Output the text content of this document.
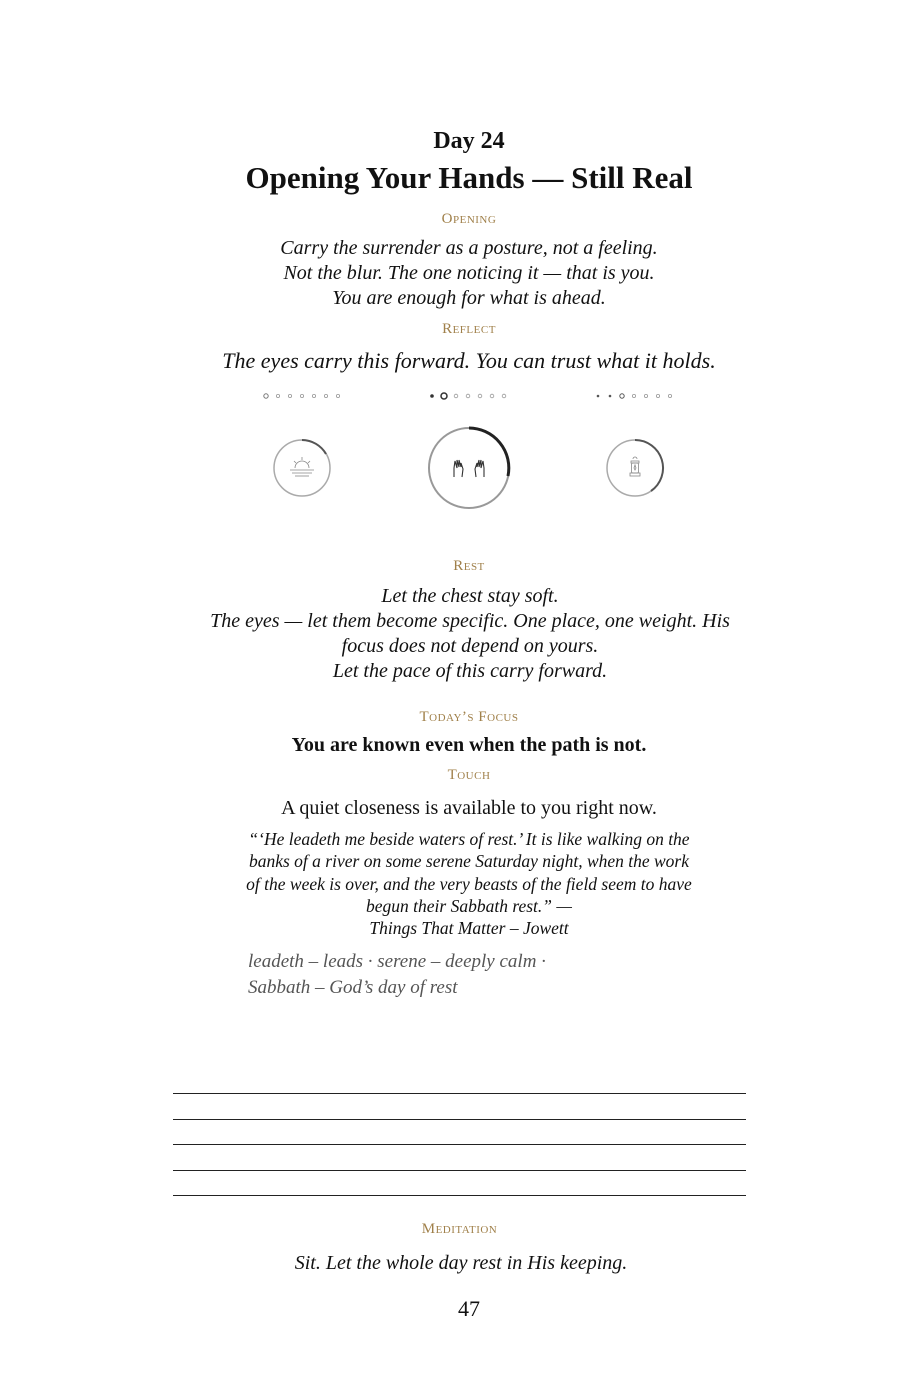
Day 24
Opening Your Hands — Still Real
Opening
Carry the surrender as a posture, not a feeling.
Not the blur. The one noticing it — that is you.
You are enough for what is ahead.
Reflect
The eyes carry this forward. You can trust what it holds.
Rest
Let the chest stay soft.
The eyes — let them become specific. One place, one weight. His focus does not depend on yours.
Let the pace of this carry forward.
Today’s Focus
You are known even when the path is not.
Touch
A quiet closeness is available to you right now.
“‘He leadeth me beside waters of rest.’ It is like walking on the banks of a river on some serene Saturday night, when the work of the week is over, and the very beasts of the field seem to have begun their Sabbath rest.” —
Things That Matter – Jowett
leadeth – leads · serene – deeply calm · Sabbath – God’s day of rest
Meditation
Sit. Let the whole day rest in His keeping.
47
